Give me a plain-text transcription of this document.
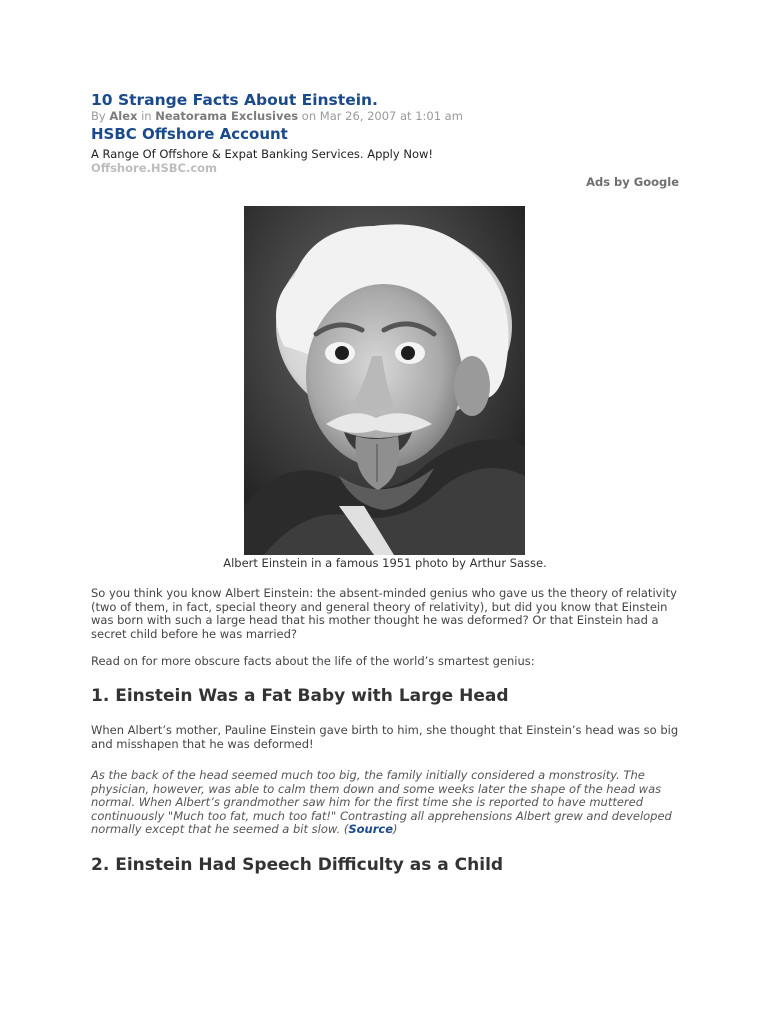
10 Strange Facts About Einstein.
By Alex in Neatorama Exclusives on Mar 26, 2007 at 1:01 am
HSBC Offshore Account
A Range Of Offshore & Expat Banking Services. Apply Now!
Offshore.HSBC.com
Ads by Google
Albert Einstein in a famous 1951 photo by Arthur Sasse.

So you think you know Albert Einstein: the absent-minded genius who gave us the theory of relativity (two of them, in fact, special theory and general theory of relativity), but did you know that Einstein was born with such a large head that his mother thought he was deformed? Or that Einstein had a secret child before he was married?

Read on for more obscure facts about the life of the world’s smartest genius:

1. Einstein Was a Fat Baby with Large Head

When Albert’s mother, Pauline Einstein gave birth to him, she thought that Einstein’s head was so big and misshapen that he was deformed!

As the back of the head seemed much too big, the family initially considered a monstrosity. The physician, however, was able to calm them down and some weeks later the shape of the head was normal. When Albert’s grandmother saw him for the first time she is reported to have muttered continuously "Much too fat, much too fat!" Contrasting all apprehensions Albert grew and developed normally except that he seemed a bit slow. (Source)

2. Einstein Had Speech Difficulty as a Child
